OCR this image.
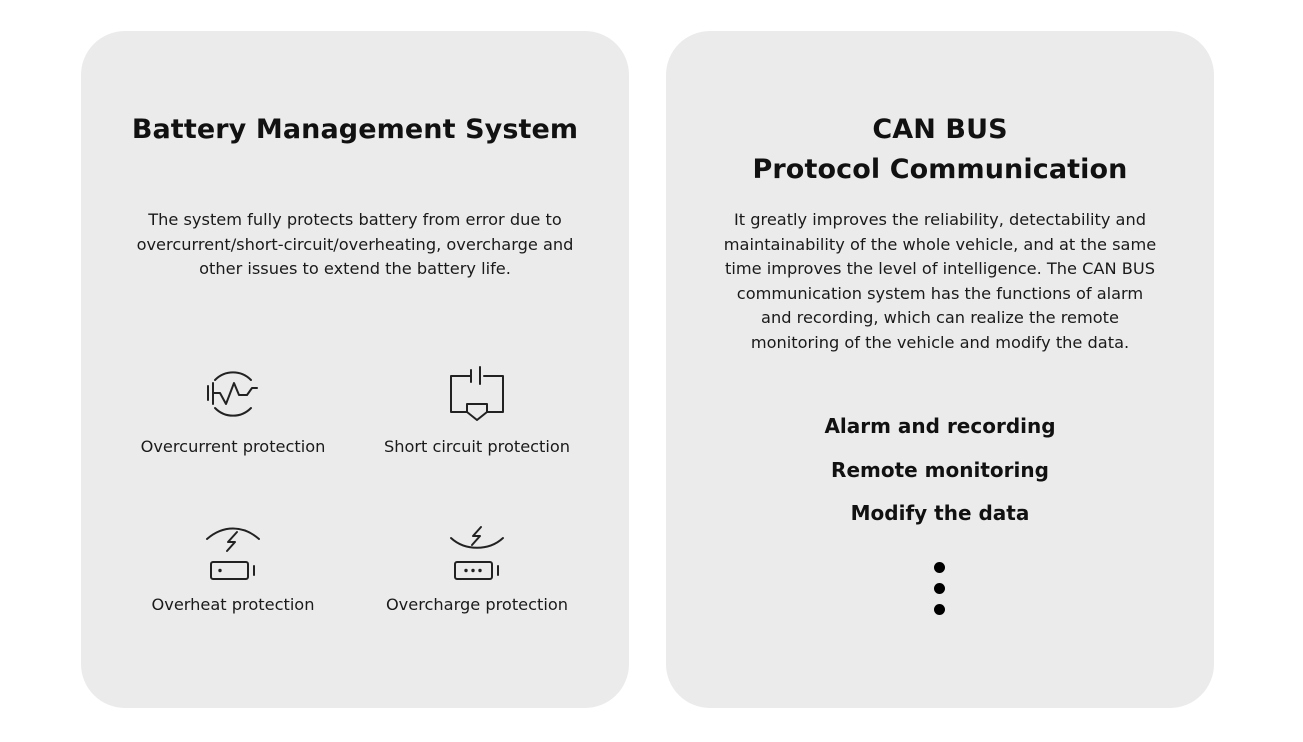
Battery Management System

The system fully protects battery from error due to
overcurrent/short-circuit/overheating, overcharge and
other issues to extend the battery life.

Overcurrent protection	Short circuit protection
Overheat protection	Overcharge protection
CAN BUS
Protocol Communication

It greatly improves the reliability, detectability and
maintainability of the whole vehicle, and at the same
time improves the level of intelligence. The CAN BUS
communication system has the functions of alarm
and recording, which can realize the remote
monitoring of the vehicle and modify the data.

Alarm and recording

Remote monitoring

Modify the data
